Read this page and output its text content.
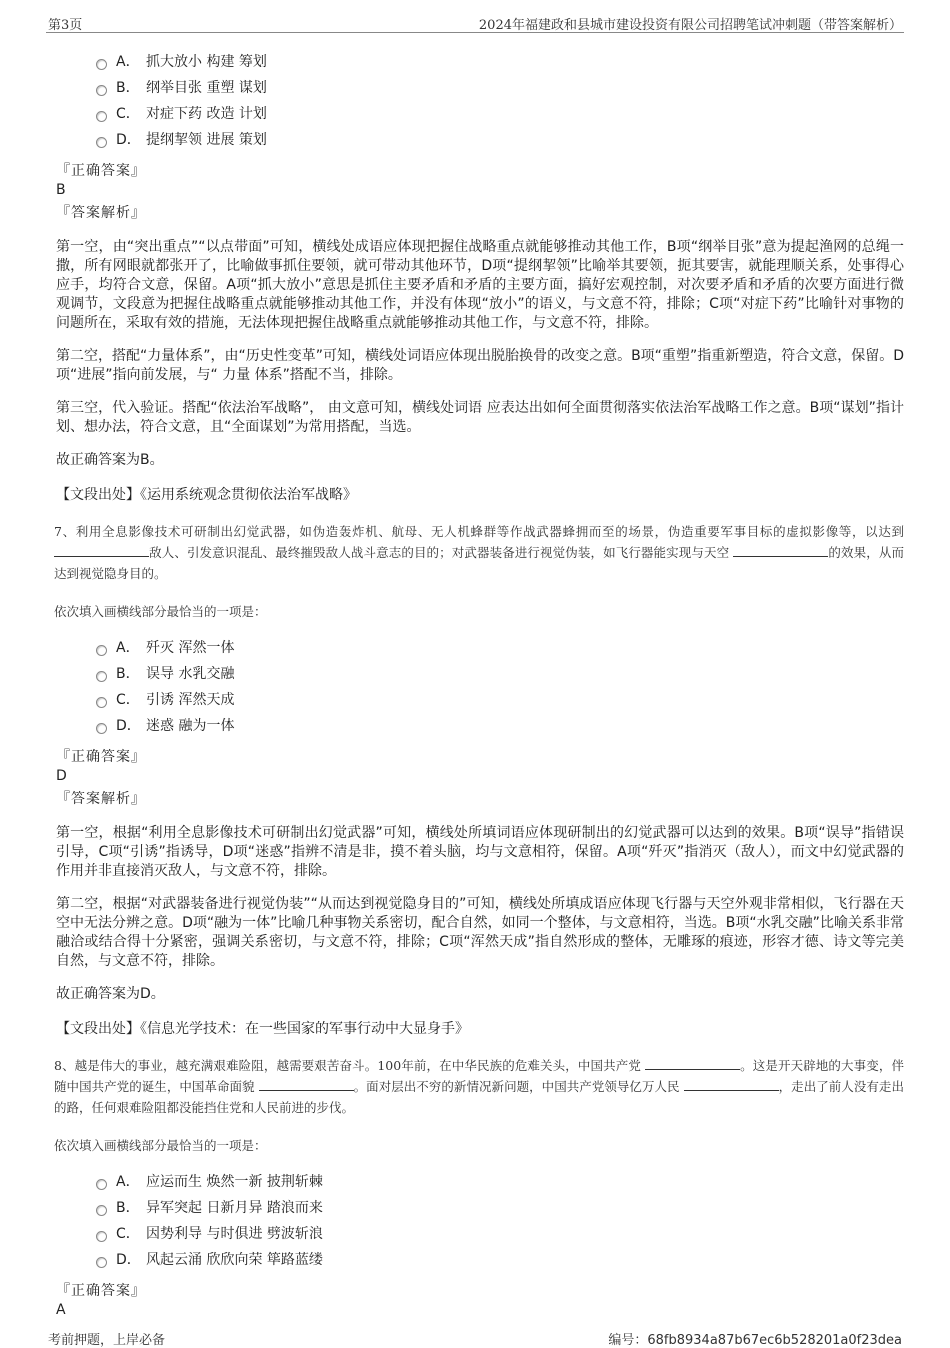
第3页	2024年福建政和县城市建设投资有限公司招聘笔试冲刺题（带答案解析）
A． 抓大放小 构建 筹划
B． 纲举目张 重塑 谋划
C． 对症下药 改造 计划
D． 提纲挈领 进展 策划
『正确答案』
B
『答案解析』
第一空，由“突出重点”“以点带面”可知，横线处成语应体现把握住战略重点就能够推动其他工作，B项“纲举目张”意为提起渔网的总绳一撒，所有网眼就都张开了，比喻做事抓住要领，就可带动其他环节，D项“提纲挈领”比喻举其要领，扼其要害，就能理顺关系，处事得心应手，均符合文意，保留。A项“抓大放小”意思是抓住主要矛盾和矛盾的主要方面，搞好宏观控制，对次要矛盾和矛盾的次要方面进行微观调节，文段意为把握住战略重点就能够推动其他工作，并没有体现“放小”的语义，与文意不符，排除；C项“对症下药”比喻针对事物的问题所在，采取有效的措施，无法体现把握住战略重点就能够推动其他工作，与文意不符，排除。
第二空，搭配“力量体系”，由“历史性变革”可知，横线处词语应体现出脱胎换骨的改变之意。B项“重塑”指重新塑造，符合文意，保留。D项“进展”指向前发展，与“ 力量 体系”搭配不当，排除。
第三空，代入验证。搭配“依法治军战略”， 由文意可知，横线处词语 应表达出如何全面贯彻落实依法治军战略工作之意。B项“谋划”指计划、想办法，符合文意，且“全面谋划”为常用搭配，当选。
故正确答案为B。
【文段出处】《运用系统观念贯彻依法治军战略》
7、利用全息影像技术可研制出幻觉武器，如伪造轰炸机、航母、无人机蜂群等作战武器蜂拥而至的场景，伪造重要军事目标的虚拟影像等，以达到 敌人、引发意识混乱、最终摧毁敌人战斗意志的目的；对武器装备进行视觉伪装，如飞行器能实现与天空	的效果，从而达到视觉隐身目的。
依次填入画横线部分最恰当的一项是：
A． 歼灭 浑然一体
B． 误导 水乳交融
C． 引诱 浑然天成
D． 迷惑 融为一体
『正确答案』
D
『答案解析』
第一空，根据“利用全息影像技术可研制出幻觉武器”可知，横线处所填词语应体现研制出的幻觉武器可以达到的效果。B项“误导”指错误引导，C项“引诱”指诱导，D项“迷惑”指辨不清是非，摸不着头脑，均与文意相符，保留。A项“歼灭”指消灭（敌人），而文中幻觉武器的作用并非直接消灭敌人，与文意不符，排除。
第二空，根据“对武器装备进行视觉伪装”“从而达到视觉隐身目的”可知，横线处所填成语应体现飞行器与天空外观非常相似，飞行器在天空中无法分辨之意。D项“融为一体”比喻几种事物关系密切，配合自然，如同一个整体，与文意相符，当选。B项“水乳交融”比喻关系非常融洽或结合得十分紧密，强调关系密切，与文意不符，排除；C项“浑然天成”指自然形成的整体，无雕琢的痕迹，形容才德、诗文等完美自然，与文意不符，排除。
故正确答案为D。
【文段出处】《信息光学技术：在一些国家的军事行动中大显身手》
8、越是伟大的事业，越充满艰难险阻，越需要艰苦奋斗。100年前，在中华民族的危难关头，中国共产党	。这是开天辟地的大事变，伴随中国共产党的诞生，中国革命面貌	。面对层出不穷的新情况新问题，中国共产党领导亿万人民	，走出了前人没有走出的路，任何艰难险阻都没能挡住党和人民前进的步伐。
依次填入画横线部分最恰当的一项是：
A． 应运而生 焕然一新 披荆斩棘
B． 异军突起 日新月异 踏浪而来
C． 因势利导 与时俱进 劈波斩浪
D． 风起云涌 欣欣向荣 筚路蓝缕
『正确答案』
A
考前押题，上岸必备	编号：68fb8934a87b67ec6b528201a0f23dea
